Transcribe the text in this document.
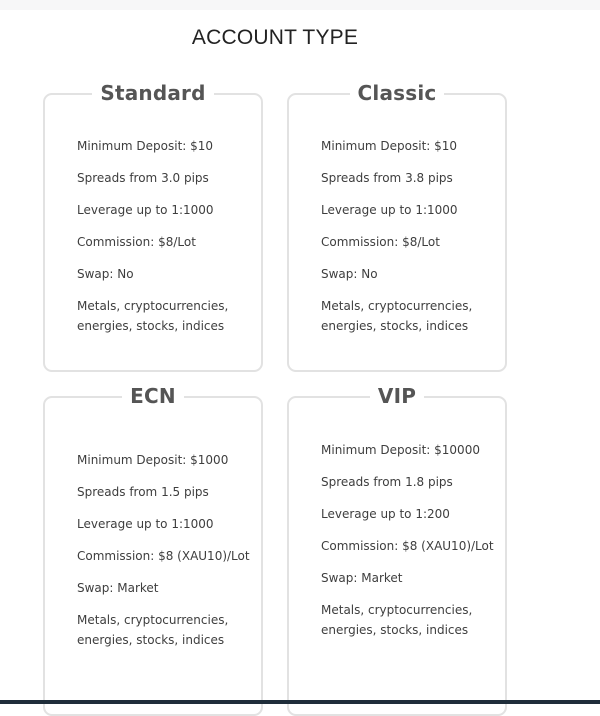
ACCOUNT TYPE
Standard
Minimum Deposit: $10
Spreads from 3.0 pips
Leverage up to 1:1000
Commission: $8/Lot
Swap: No
Metals, cryptocurrencies, energies, stocks, indices
Classic
Minimum Deposit: $10
Spreads from 3.8 pips
Leverage up to 1:1000
Commission: $8/Lot
Swap: No
Metals, cryptocurrencies, energies, stocks, indices
ECN
Minimum Deposit: $1000
Spreads from 1.5 pips
Leverage up to 1:1000
Commission: $8 (XAU10)/Lot
Swap: Market
Metals, cryptocurrencies, energies, stocks, indices
VIP
Minimum Deposit: $10000
Spreads from 1.8 pips
Leverage up to 1:200
Commission: $8 (XAU10)/Lot
Swap: Market
Metals, cryptocurrencies, energies, stocks, indices
